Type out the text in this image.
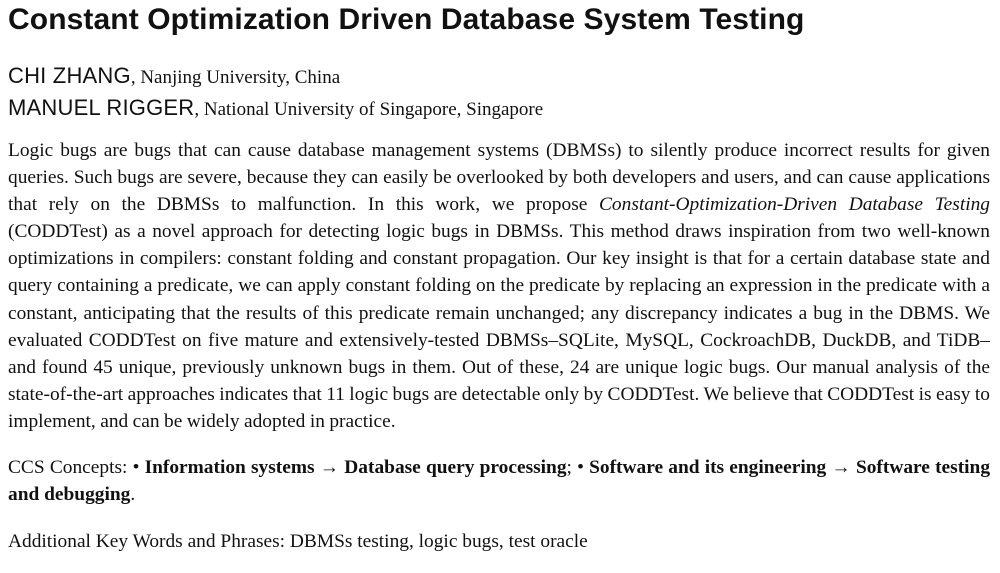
Constant Optimization Driven Database System Testing
CHI ZHANG, Nanjing University, China
MANUEL RIGGER, National University of Singapore, Singapore

Logic bugs are bugs that can cause database management systems (DBMSs) to silently produce incorrect results for given queries. Such bugs are severe, because they can easily be overlooked by both developers and users, and can cause applications that rely on the DBMSs to malfunction. In this work, we propose Constant-Optimization-Driven Database Testing (CODDTest) as a novel approach for detecting logic bugs in DBMSs. This method draws inspiration from two well-known optimizations in compilers: constant folding and constant propagation. Our key insight is that for a certain database state and query containing a predicate, we can apply constant folding on the predicate by replacing an expression in the predicate with a constant, anticipating that the results of this predicate remain unchanged; any discrepancy indicates a bug in the DBMS. We evaluated CODDTest on five mature and extensively-tested DBMSs–SQLite, MySQL, CockroachDB, DuckDB, and TiDB–and found 45 unique, previously unknown bugs in them. Out of these, 24 are unique logic bugs. Our manual analysis of the state-of-the-art approaches indicates that 11 logic bugs are detectable only by CODDTest. We believe that CODDTest is easy to implement, and can be widely adopted in practice.

CCS Concepts: • Information systems → Database query processing; • Software and its engineering → Software testing and debugging.

Additional Key Words and Phrases: DBMSs testing, logic bugs, test oracle
